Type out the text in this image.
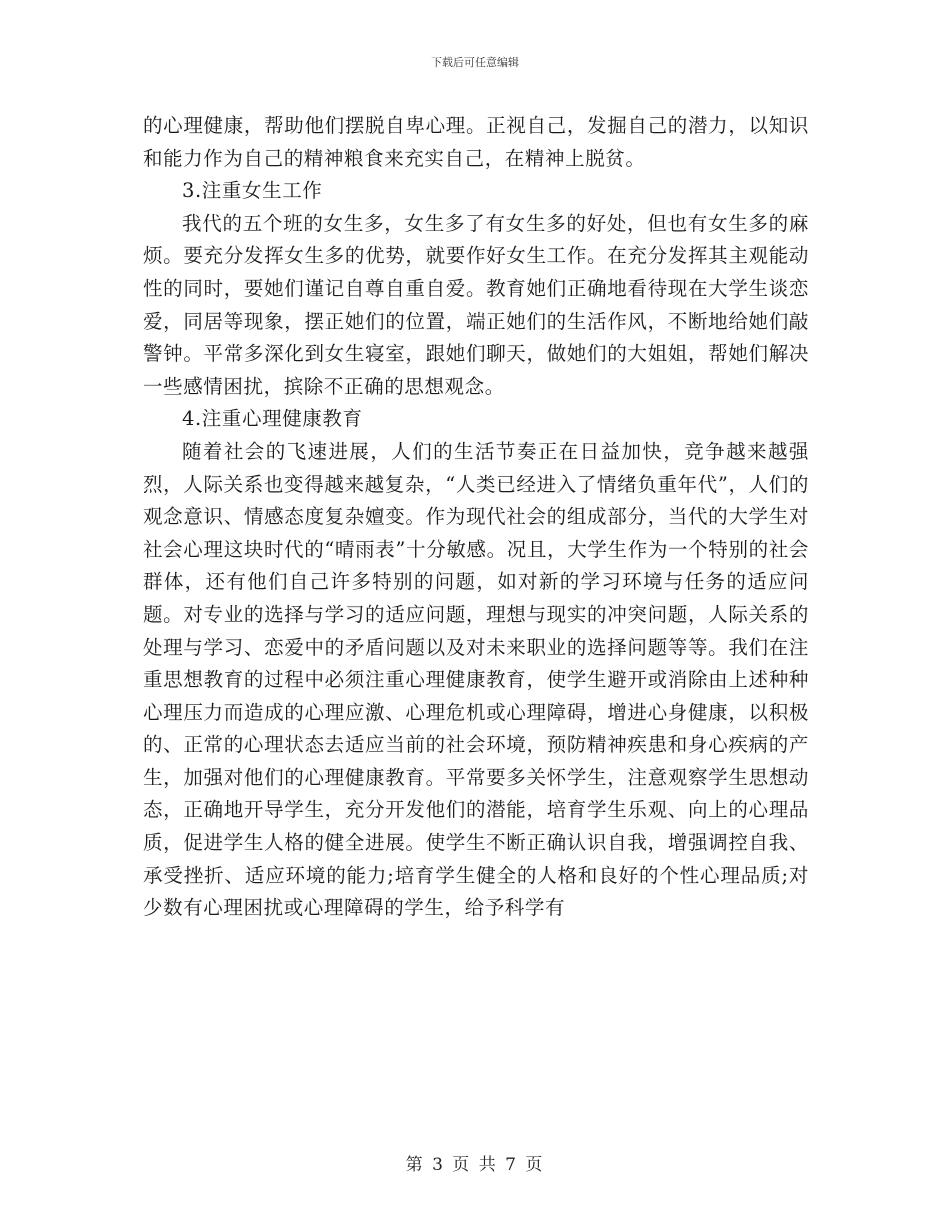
下载后可任意编辑

的心理健康，帮助他们摆脱自卑心理。正视自己，发掘自己的潜力，以知识和能力作为自己的精神粮食来充实自己，在精神上脱贫。

3.注重女生工作

我代的五个班的女生多，女生多了有女生多的好处，但也有女生多的麻烦。要充分发挥女生多的优势，就要作好女生工作。在充分发挥其主观能动性的同时，要她们谨记自尊自重自爱。教育她们正确地看待现在大学生谈恋爱，同居等现象，摆正她们的位置，端正她们的生活作风，不断地给她们敲警钟。平常多深化到女生寝室，跟她们聊天，做她们的大姐姐，帮她们解决一些感情困扰，摈除不正确的思想观念。

4.注重心理健康教育

随着社会的飞速进展，人们的生活节奏正在日益加快，竞争越来越强烈，人际关系也变得越来越复杂，“人类已经进入了情绪负重年代”，人们的观念意识、情感态度复杂嬗变。作为现代社会的组成部分，当代的大学生对社会心理这块时代的“晴雨表”十分敏感。况且，大学生作为一个特别的社会群体，还有他们自己许多特别的问题，如对新的学习环境与任务的适应问题。对专业的选择与学习的适应问题，理想与现实的冲突问题，人际关系的处理与学习、恋爱中的矛盾问题以及对未来职业的选择问题等等。我们在注重思想教育的过程中必须注重心理健康教育，使学生避开或消除由上述种种心理压力而造成的心理应激、心理危机或心理障碍，增进心身健康，以积极的、正常的心理状态去适应当前的社会环境，预防精神疾患和身心疾病的产生，加强对他们的心理健康教育。平常要多关怀学生，注意观察学生思想动态，正确地开导学生，充分开发他们的潜能，培育学生乐观、向上的心理品质，促进学生人格的健全进展。使学生不断正确认识自我，增强调控自我、承受挫折、适应环境的能力;培育学生健全的人格和良好的个性心理品质;对少数有心理困扰或心理障碍的学生，给予科学有

第 3 页 共 7 页
